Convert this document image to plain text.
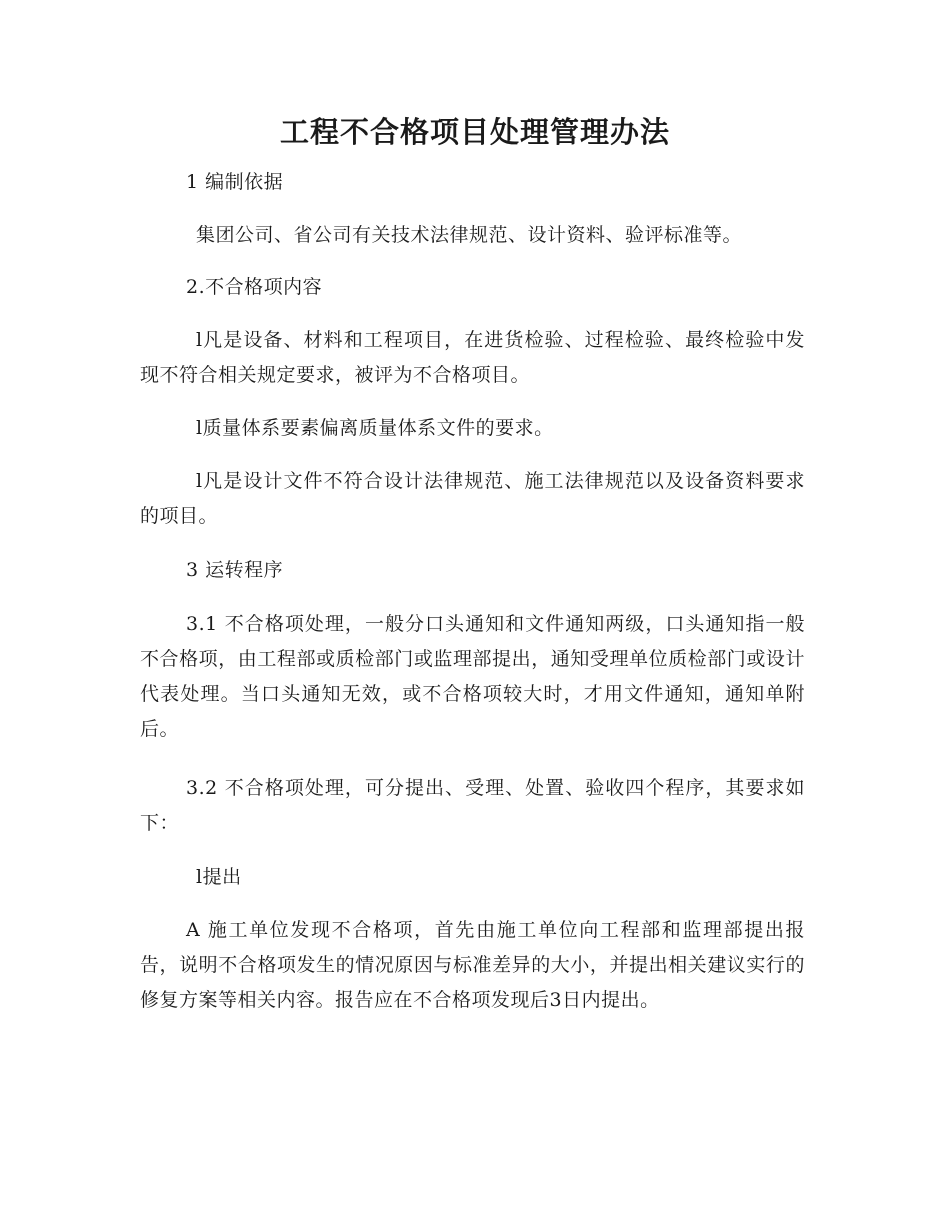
工程不合格项目处理管理办法

1 编制依据

集团公司、省公司有关技术法律规范、设计资料、验评标准等。

2.不合格项内容

l凡是设备、材料和工程项目，在进货检验、过程检验、最终检验中发现不符合相关规定要求，被评为不合格项目。

l质量体系要素偏离质量体系文件的要求。

l凡是设计文件不符合设计法律规范、施工法律规范以及设备资料要求的项目。

3 运转程序

3.1 不合格项处理，一般分口头通知和文件通知两级，口头通知指一般不合格项，由工程部或质检部门或监理部提出，通知受理单位质检部门或设计代表处理。当口头通知无效，或不合格项较大时，才用文件通知，通知单附后。

3.2 不合格项处理，可分提出、受理、处置、验收四个程序，其要求如下：

l提出

A 施工单位发现不合格项，首先由施工单位向工程部和监理部提出报告，说明不合格项发生的情况原因与标准差异的大小，并提出相关建议实行的修复方案等相关内容。报告应在不合格项发现后3日内提出。
